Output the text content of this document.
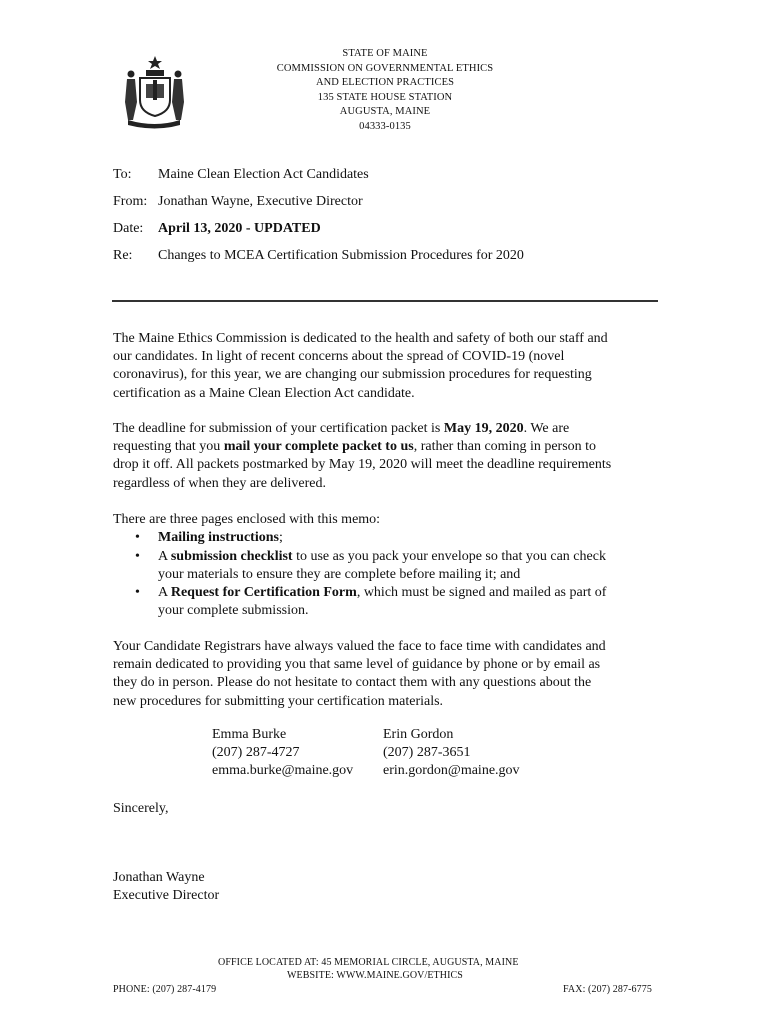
STATE OF MAINE
COMMISSION ON GOVERNMENTAL ETHICS
AND ELECTION PRACTICES
135 STATE HOUSE STATION
AUGUSTA, MAINE
04333-0135
To: Maine Clean Election Act Candidates
From: Jonathan Wayne, Executive Director
Date: April 13, 2020 - UPDATED
Re: Changes to MCEA Certification Submission Procedures for 2020
The Maine Ethics Commission is dedicated to the health and safety of both our staff and
our candidates. In light of recent concerns about the spread of COVID-19 (novel
coronavirus), for this year, we are changing our submission procedures for requesting
certification as a Maine Clean Election Act candidate.
The deadline for submission of your certification packet is May 19, 2020. We are
requesting that you mail your complete packet to us, rather than coming in person to
drop it off. All packets postmarked by May 19, 2020 will meet the deadline requirements
regardless of when they are delivered.
There are three pages enclosed with this memo:
• Mailing instructions;
• A submission checklist to use as you pack your envelope so that you can check
your materials to ensure they are complete before mailing it; and
• A Request for Certification Form, which must be signed and mailed as part of
your complete submission.
Your Candidate Registrars have always valued the face to face time with candidates and
remain dedicated to providing you that same level of guidance by phone or by email as
they do in person. Please do not hesitate to contact them with any questions about the
new procedures for submitting your certification materials.
Emma Burke
(207) 287-4727
emma.burke@maine.gov
Erin Gordon
(207) 287-3651
erin.gordon@maine.gov
Sincerely,
Jonathan Wayne
Executive Director
OFFICE LOCATED AT: 45 MEMORIAL CIRCLE, AUGUSTA, MAINE
WEBSITE: WWW.MAINE.GOV/ETHICS
PHONE: (207) 287-4179	FAX: (207) 287-6775
